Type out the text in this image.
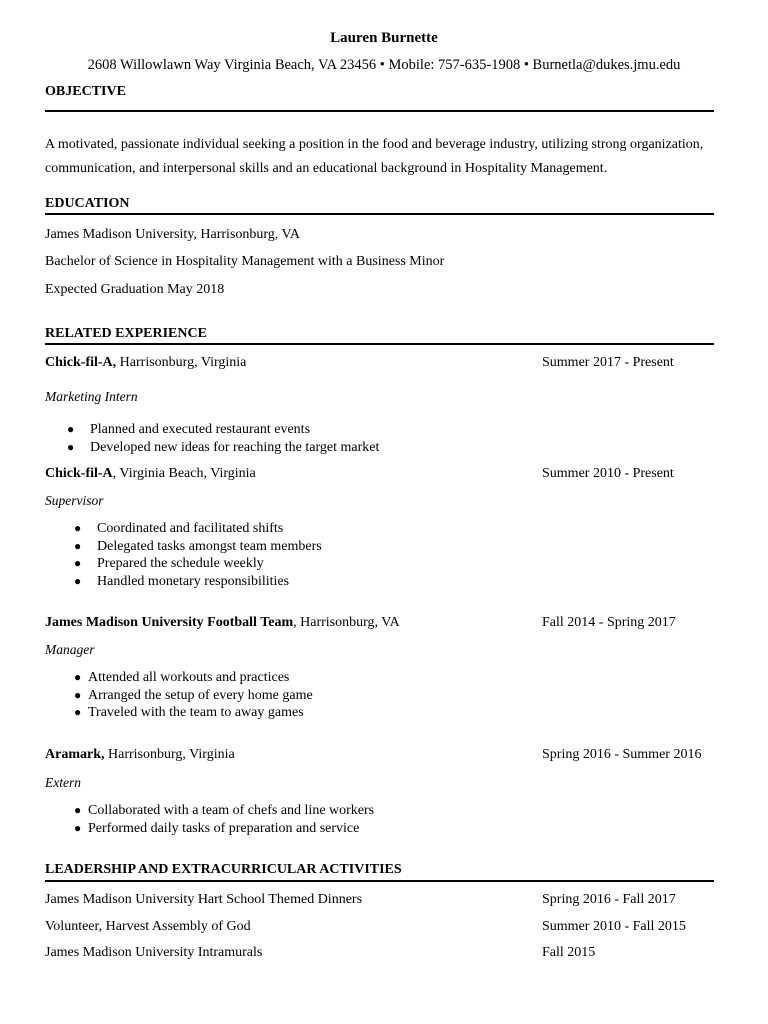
Lauren Burnette
2608 Willowlawn Way Virginia Beach, VA 23456 • Mobile: 757-635-1908 • Burnetla@dukes.jmu.edu
OBJECTIVE
A motivated, passionate individual seeking a position in the food and beverage industry, utilizing strong organization, communication, and interpersonal skills and an educational background in Hospitality Management.
EDUCATION
James Madison University, Harrisonburg, VA
Bachelor of Science in Hospitality Management with a Business Minor
Expected Graduation May 2018
RELATED EXPERIENCE
Chick-fil-A, Harrisonburg, Virginia	Summer 2017 - Present
Marketing Intern
● Planned and executed restaurant events
● Developed new ideas for reaching the target market
Chick-fil-A, Virginia Beach, Virginia	Summer 2010 - Present
Supervisor
● Coordinated and facilitated shifts
● Delegated tasks amongst team members
● Prepared the schedule weekly
● Handled monetary responsibilities
James Madison University Football Team, Harrisonburg, VA	Fall 2014 - Spring 2017
Manager
● Attended all workouts and practices
● Arranged the setup of every home game
● Traveled with the team to away games
Aramark, Harrisonburg, Virginia	Spring 2016 - Summer 2016
Extern
● Collaborated with a team of chefs and line workers
● Performed daily tasks of preparation and service
LEADERSHIP AND EXTRACURRICULAR ACTIVITIES
James Madison University Hart School Themed Dinners	Spring 2016 - Fall 2017
Volunteer, Harvest Assembly of God	Summer 2010 - Fall 2015
James Madison University Intramurals	Fall 2015
